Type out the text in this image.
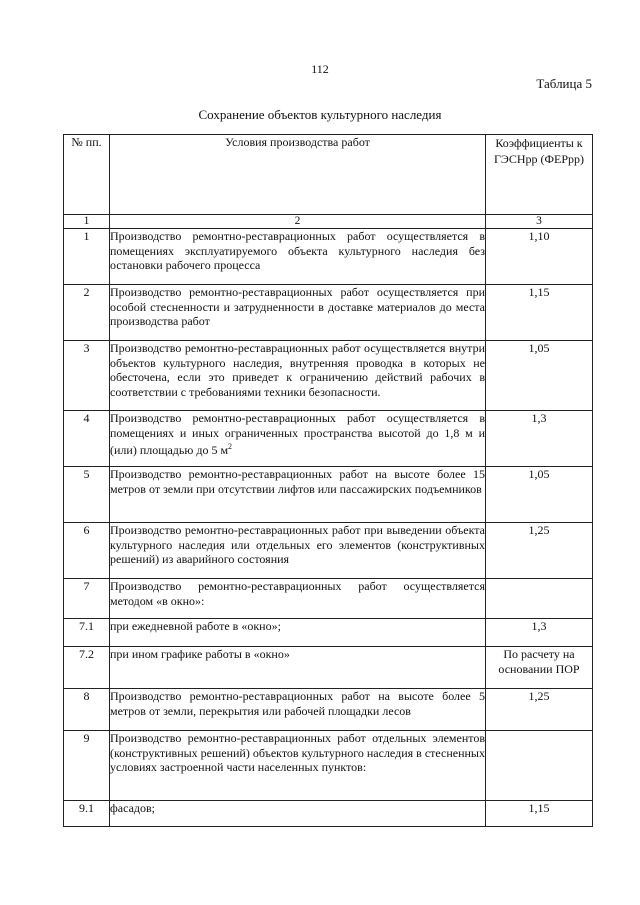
112
Таблица 5
Сохранение объектов культурного наследия
№ пп.	Условия производства работ	Коэффициенты к ГЭСНрр (ФЕРрр)
1	2	3
1	Производство ремонтно-реставрационных работ осуществляется в помещениях эксплуатируемого объекта культурного наследия без остановки рабочего процесса	1,10
2	Производство ремонтно-реставрационных работ осуществляется при особой стесненности и затрудненности в доставке материалов до места производства работ	1,15
3	Производство ремонтно-реставрационных работ осуществляется внутри объектов культурного наследия, внутренняя проводка в которых не обесточена, если это приведет к ограничению действий рабочих в соответствии с требованиями техники безопасности.	1,05
4	Производство ремонтно-реставрационных работ осуществляется в помещениях и иных ограниченных пространства высотой до 1,8 м и (или) площадью до 5 $м^2$	1,3
5	Производство ремонтно-реставрационных работ на высоте более 15 метров от земли при отсутствии лифтов или пассажирских подъемников	1,05
6	Производство ремонтно-реставрационных работ при выведении объекта культурного наследия или отдельных его элементов (конструктивных решений) из аварийного состояния	1,25
7	Производство ремонтно-реставрационных работ осуществляется методом «в окно»:	
7.1	при ежедневной работе в «окно»;	1,3
7.2	при ином графике работы в «окно»	По расчету на основании ПОР
8	Производство ремонтно-реставрационных работ на высоте более 5 метров от земли, перекрытия или рабочей площадки лесов	1,25
9	Производство ремонтно-реставрационных работ отдельных элементов (конструктивных решений) объектов культурного наследия в стесненных условиях застроенной части населенных пунктов:	
9.1	фасадов;	1,15
